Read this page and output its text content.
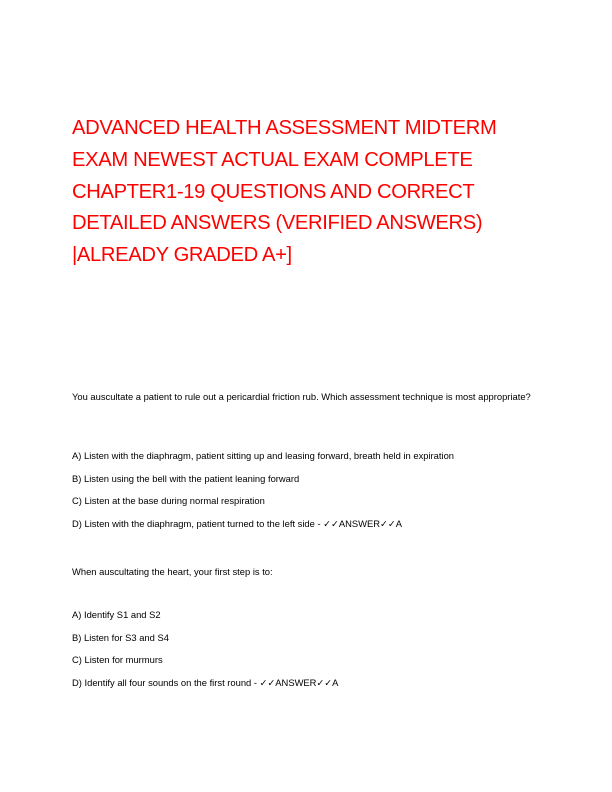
ADVANCED HEALTH ASSESSMENT MIDTERM
EXAM NEWEST ACTUAL EXAM COMPLETE
CHAPTER1-19 QUESTIONS AND CORRECT
DETAILED ANSWERS (VERIFIED ANSWERS)
|ALREADY GRADED A+]

You auscultate a patient to rule out a pericardial friction rub. Which assessment technique is most appropriate?

A) Listen with the diaphragm, patient sitting up and leasing forward, breath held in expiration

B) Listen using the bell with the patient leaning forward

C) Listen at the base during normal respiration

D) Listen with the diaphragm, patient turned to the left side - ✓✓ANSWER✓✓A

When auscultating the heart, your first step is to:

A) Identify S1 and S2

B) Listen for S3 and S4

C) Listen for murmurs

D) Identify all four sounds on the first round - ✓✓ANSWER✓✓A
